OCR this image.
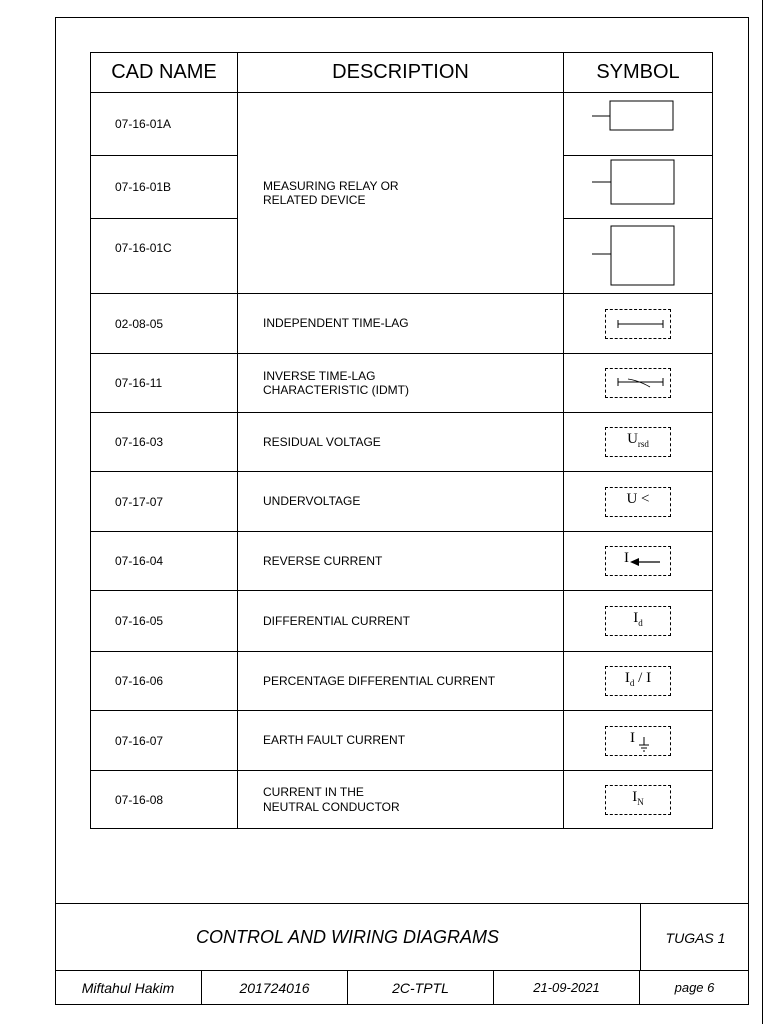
CAD NAME	DESCRIPTION	SYMBOL
07-16-01A	MEASURING RELAY OR
RELATED DEVICE	
07-16-01B	
07-16-01C	
02-08-05	INDEPENDENT TIME-LAG	

07-16-11	INVERSE TIME-LAG
CHARACTERISTIC (IDMT)	

07-16-03	RESIDUAL VOLTAGE	$U_{rsd}$

07-17-07	UNDERVOLTAGE	U <

07-16-04	REVERSE CURRENT	I

07-16-05	DIFFERENTIAL CURRENT	$I_d$

07-16-06	PERCENTAGE DIFFERENTIAL CURRENT	$I_d$ / I

07-16-07	EARTH FAULT CURRENT	I

07-16-08	CURRENT IN THE
NEUTRAL CONDUCTOR	$I_N$
CONTROL AND WIRING DIAGRAMS	TUGAS 1
Miftahul Hakim	201724016	2C-TPTL	21-09-2021	page 6
